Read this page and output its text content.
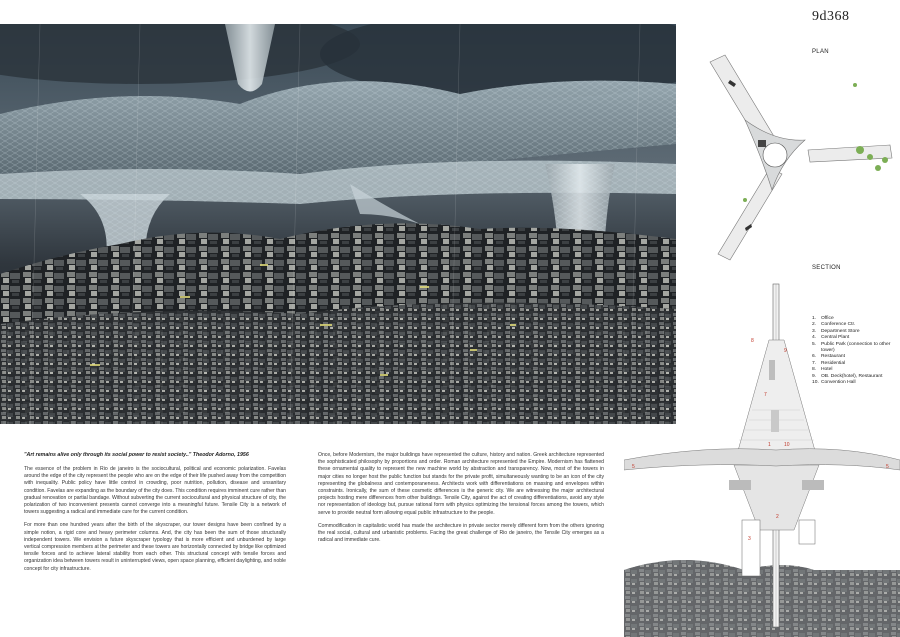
9d368
PLAN
SECTION
8
9
7
10
1
5	5
2
3
1.	Office
2.	Conference Ctr.
3.	Department Store
4.	Central Plant
5.	Public Park (connection to other tower)
6.	Restaurant
7.	Residential
8.	Hotel
9.	OB. Deck(hotel), Restaurant
10. Convention Hall
"Art remains alive only through its social power to resist society.." Theodor Adorno, 1956

The essence of the problem in Rio de janeiro is the sociocultural, political and economic polarization. Favelas around the edge of the city represent the people who are on the edge of their life pushed away from the competition with inequality. Public policy have little control in crowding, poor nutrition, pollution, disease and unsanitary condition. Favelas are expanding as the boundary of the city does. This condition requires imminent cure rather than gradual renovation or partial bandage. Without subverting the current sociocultural and physical structure of city, the polarization of two inconvenient presents cannot converge into a meaningful future. Tensile City is a network of towers suggesting a radical and immediate cure for the current condition.

For more than one hundred years after the birth of the skyscraper, our tower designs have been confined by a simple notion, a rigid core and heavy perimeter columns. And, the city has been the sum of those structurally independent towers. We envision a future skyscraper typology that is more efficient and unburdened by large vertical compression members at the perimeter and these towers are horizontally connected by bridge like optimized tensile forces and to achieve lateral stability from each other. This structural concept with tensile forces and organization idea between towers result in uninterrupted views, open space planning, efficient daylighting, and noble concept for city infrastructure.

Once, before Modernism, the major buildings have represented the culture, history and nation. Greek architecture represented the sophisticated philosophy by proportions and order. Roman architecture represented the Empire. Modernism has flattened these ornamental quality to represent the new machine world by abstraction and transparency. Now, most of the towers in major cities no longer host the public function but stands for the private profit, simultaneously wanting to be an icon of the city representing the globalness and contemporaneness. Architects work with differentiations on massing and envelopes within constraints. Ironically, the sum of these cosmetic differences is the generic city. We are witnessing the major architectural projects hosting mere differences from other buildings. Tensile City, against the act of creating differentiations, avoid any style nor representation of ideology but, pursue rational form with physics optimizing the tensional forces among the towers, which serve to provide neutral form allowing equal public infrastructure to the people.

Commodification in capitalistic world has made the architecture in private sector merely different form from the others ignoring the real social, cultural and urbanistic problems. Facing the great challenge of Rio de janeiro, the Tensile City emerges as a radical and immediate cure.
